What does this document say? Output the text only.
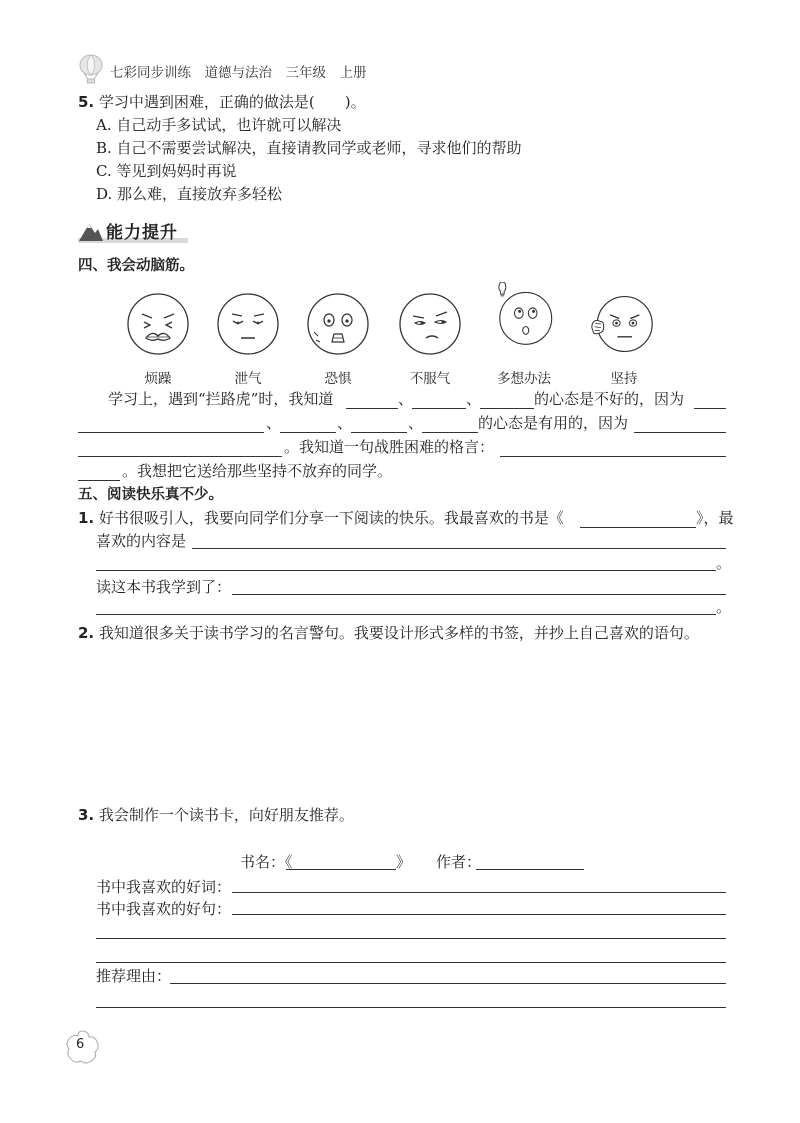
七彩同步训练　道德与法治　三年级　上册
5. 学习中遇到困难，正确的做法是(　　)。
A. 自己动手多试试，也许就可以解决
B. 自己不需要尝试解决，直接请教同学或老师，寻求他们的帮助
C. 等见到妈妈时再说
D. 那么难，直接放弃多轻松
能力提升
四、我会动脑筋。
烦躁	泄气	恐惧	不服气	多想办法	坚持
学习上，遇到“拦路虎”时，我知道	、	、	的心态是不好的，因为
、	、	、	的心态是有用的，因为
。我知道一句战胜困难的格言：
。我想把它送给那些坚持不放弃的同学。
五、阅读快乐真不少。
1. 好书很吸引人，我要向同学们分享一下阅读的快乐。我最喜欢的书是《	》，最
喜欢的内容是
。
读这本书我学到了：
。
2. 我知道很多关于读书学习的名言警句。我要设计形式多样的书签，并抄上自己喜欢的语句。
3. 我会制作一个读书卡，向好朋友推荐。
书名：《	》 作者：
书中我喜欢的好词：
书中我喜欢的好句：
推荐理由：
6
